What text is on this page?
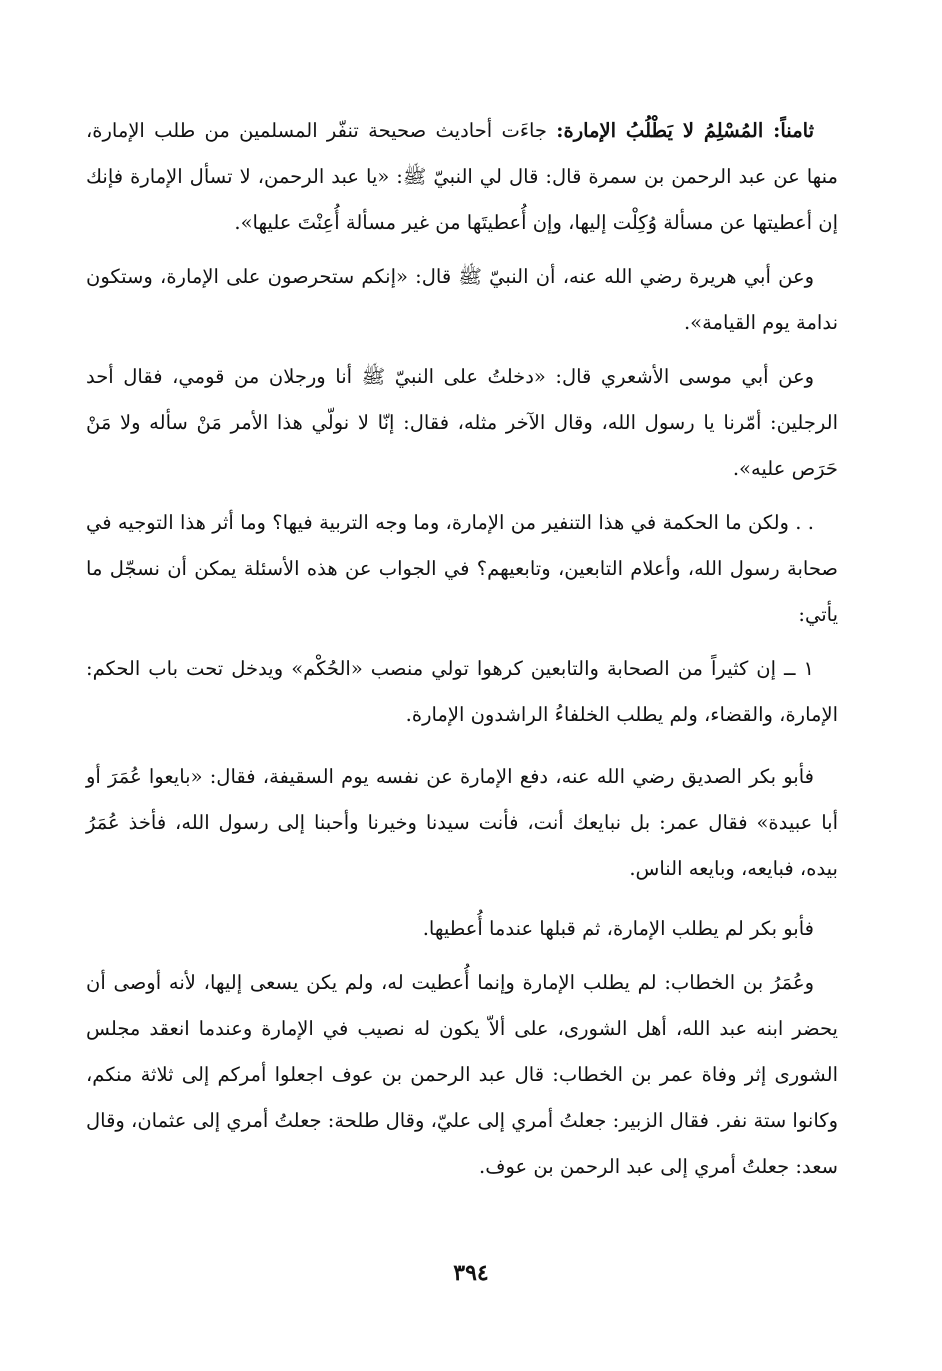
ثامناً: المُسْلِمُ لا يَطْلُبُ الإمارة: جاءَت أحاديث صحيحة تنفّر المسلمين من طلب الإمارة، منها عن عبد الرحمن بن سمرة قال: قال لي النبيّ ﷺ: «يا عبد الرحمن، لا تسأل الإمارة فإنك إن أعطيتها عن مسألة وُكِلْت إليها، وإن أُعطيتَها من غير مسألة أُعِنْتَ عليها».

وعن أبي هريرة رضي الله عنه، أن النبيّ ﷺ قال: «إنكم ستحرصون على الإمارة، وستكون ندامة يوم القيامة».

وعن أبي موسى الأشعري قال: «دخلتُ على النبيّ ﷺ أنا ورجلان من قومي، فقال أحد الرجلين: أمّرنا يا رسول الله، وقال الآخر مثله، فقال: إنّا لا نولّي هذا الأمر مَنْ سأله ولا مَنْ حَرَص عليه».

. . ولكن ما الحكمة في هذا التنفير من الإمارة، وما وجه التربية فيها؟ وما أثر هذا التوجيه في صحابة رسول الله، وأعلام التابعين، وتابعيهم؟ في الجواب عن هذه الأسئلة يمكن أن نسجّل ما يأتي:

١ ــ إن كثيراً من الصحابة والتابعين كرهوا تولي منصب «الحُكْم» ويدخل تحت باب الحكم: الإمارة، والقضاء، ولم يطلب الخلفاءُ الراشدون الإمارة.

فأبو بكر الصديق رضي الله عنه، دفع الإمارة عن نفسه يوم السقيفة، فقال: «بايعوا عُمَرَ أو أبا عبيدة» فقال عمر: بل نبايعك أنت، فأنت سيدنا وخيرنا وأحبنا إلى رسول الله، فأخذ عُمَرُ بيده، فبايعه، وبايعه الناس.

فأبو بكر لم يطلب الإمارة، ثم قبلها عندما أُعطيها.

وعُمَرُ بن الخطاب: لم يطلب الإمارة وإنما أُعطيت له، ولم يكن يسعى إليها، لأنه أوصى أن يحضر ابنه عبد الله، أهل الشورى، على ألاّ يكون له نصيب في الإمارة وعندما انعقد مجلس الشورى إثر وفاة عمر بن الخطاب: قال عبد الرحمن بن عوف اجعلوا أمركم إلى ثلاثة منكم، وكانوا ستة نفر. فقال الزبير: جعلتُ أمري إلى عليّ، وقال طلحة: جعلتُ أمري إلى عثمان، وقال سعد: جعلتُ أمري إلى عبد الرحمن بن عوف.

٣٩٤
